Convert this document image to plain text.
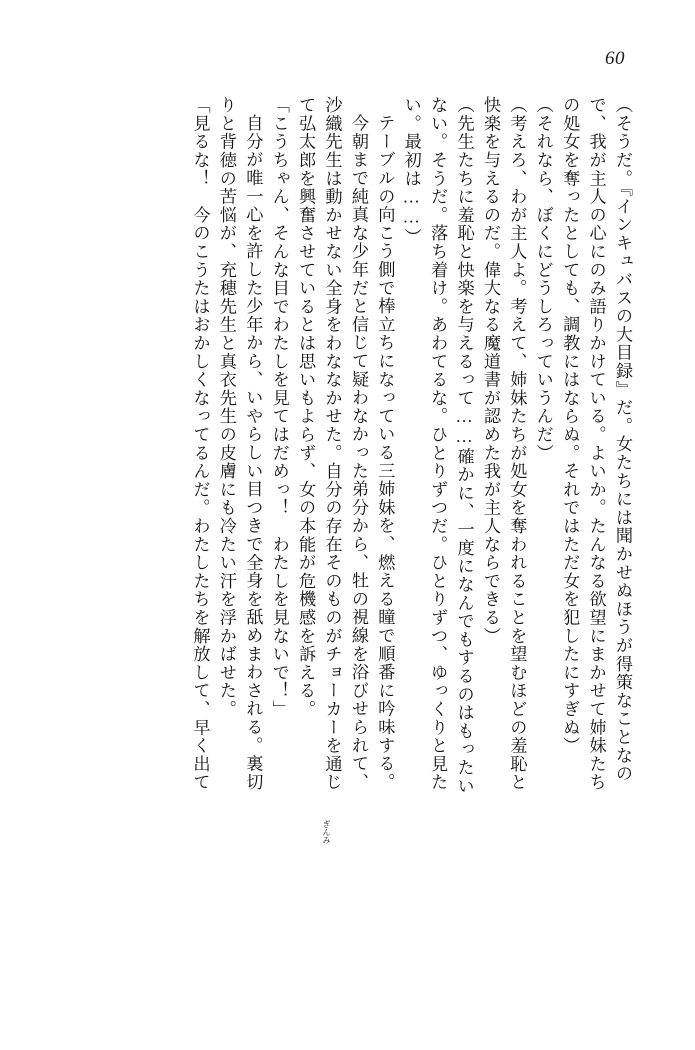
60
（そうだ。『インキュバスの大目録』だ。女たちには聞かせぬほうが得策なことなの
で、我が主人の心にのみ語りかけている。よいか。たんなる欲望にまかせて姉妹たち
の処女を奪ったとしても、調教にはならぬ。それではただ女を犯したにすぎぬ）
（それなら、ぼくにどうしろっていうんだ）
（考えろ、わが主人よ。考えて、姉妹たちが処女を奪われることを望むほどの羞恥と
快楽を与えるのだ。偉大なる魔道書が認めた我が主人ならできる）
（先生たちに羞恥と快楽を与えるって……確かに、一度になんでもするのはもったい
ない。そうだ。落ち着け。あわてるな。ひとりずつだ。ひとりずつ、ゆっくりと見た
い。最初は……）
テーブルの向こう側で棒立ちになっている三姉妹を、燃える瞳で順番に吟味する。
今朝まで純真な少年だと信じて疑わなかった弟分から、牡の視線を浴びせられて、
沙織先生は動かせない全身をわななかせた。自分の存在そのものがチョーカーを通じ
て弘太郎を興奮させているとは思いもよらず、女の本能が危機感を訴える。
「こうちゃん、そんな目でわたしを見てはだめっ！　わたしを見ないで！」
自分が唯一心を許した少年から、いやらしい目つきで全身を舐めまわされる。裏切
りと背徳の苦悩が、充穂先生と真衣先生の皮膚にも冷たい汗を浮かばせた。
「見るな！　今のこうたはおかしくなってるんだ。わたしたちを解放して、早く出て
ぎんみ
